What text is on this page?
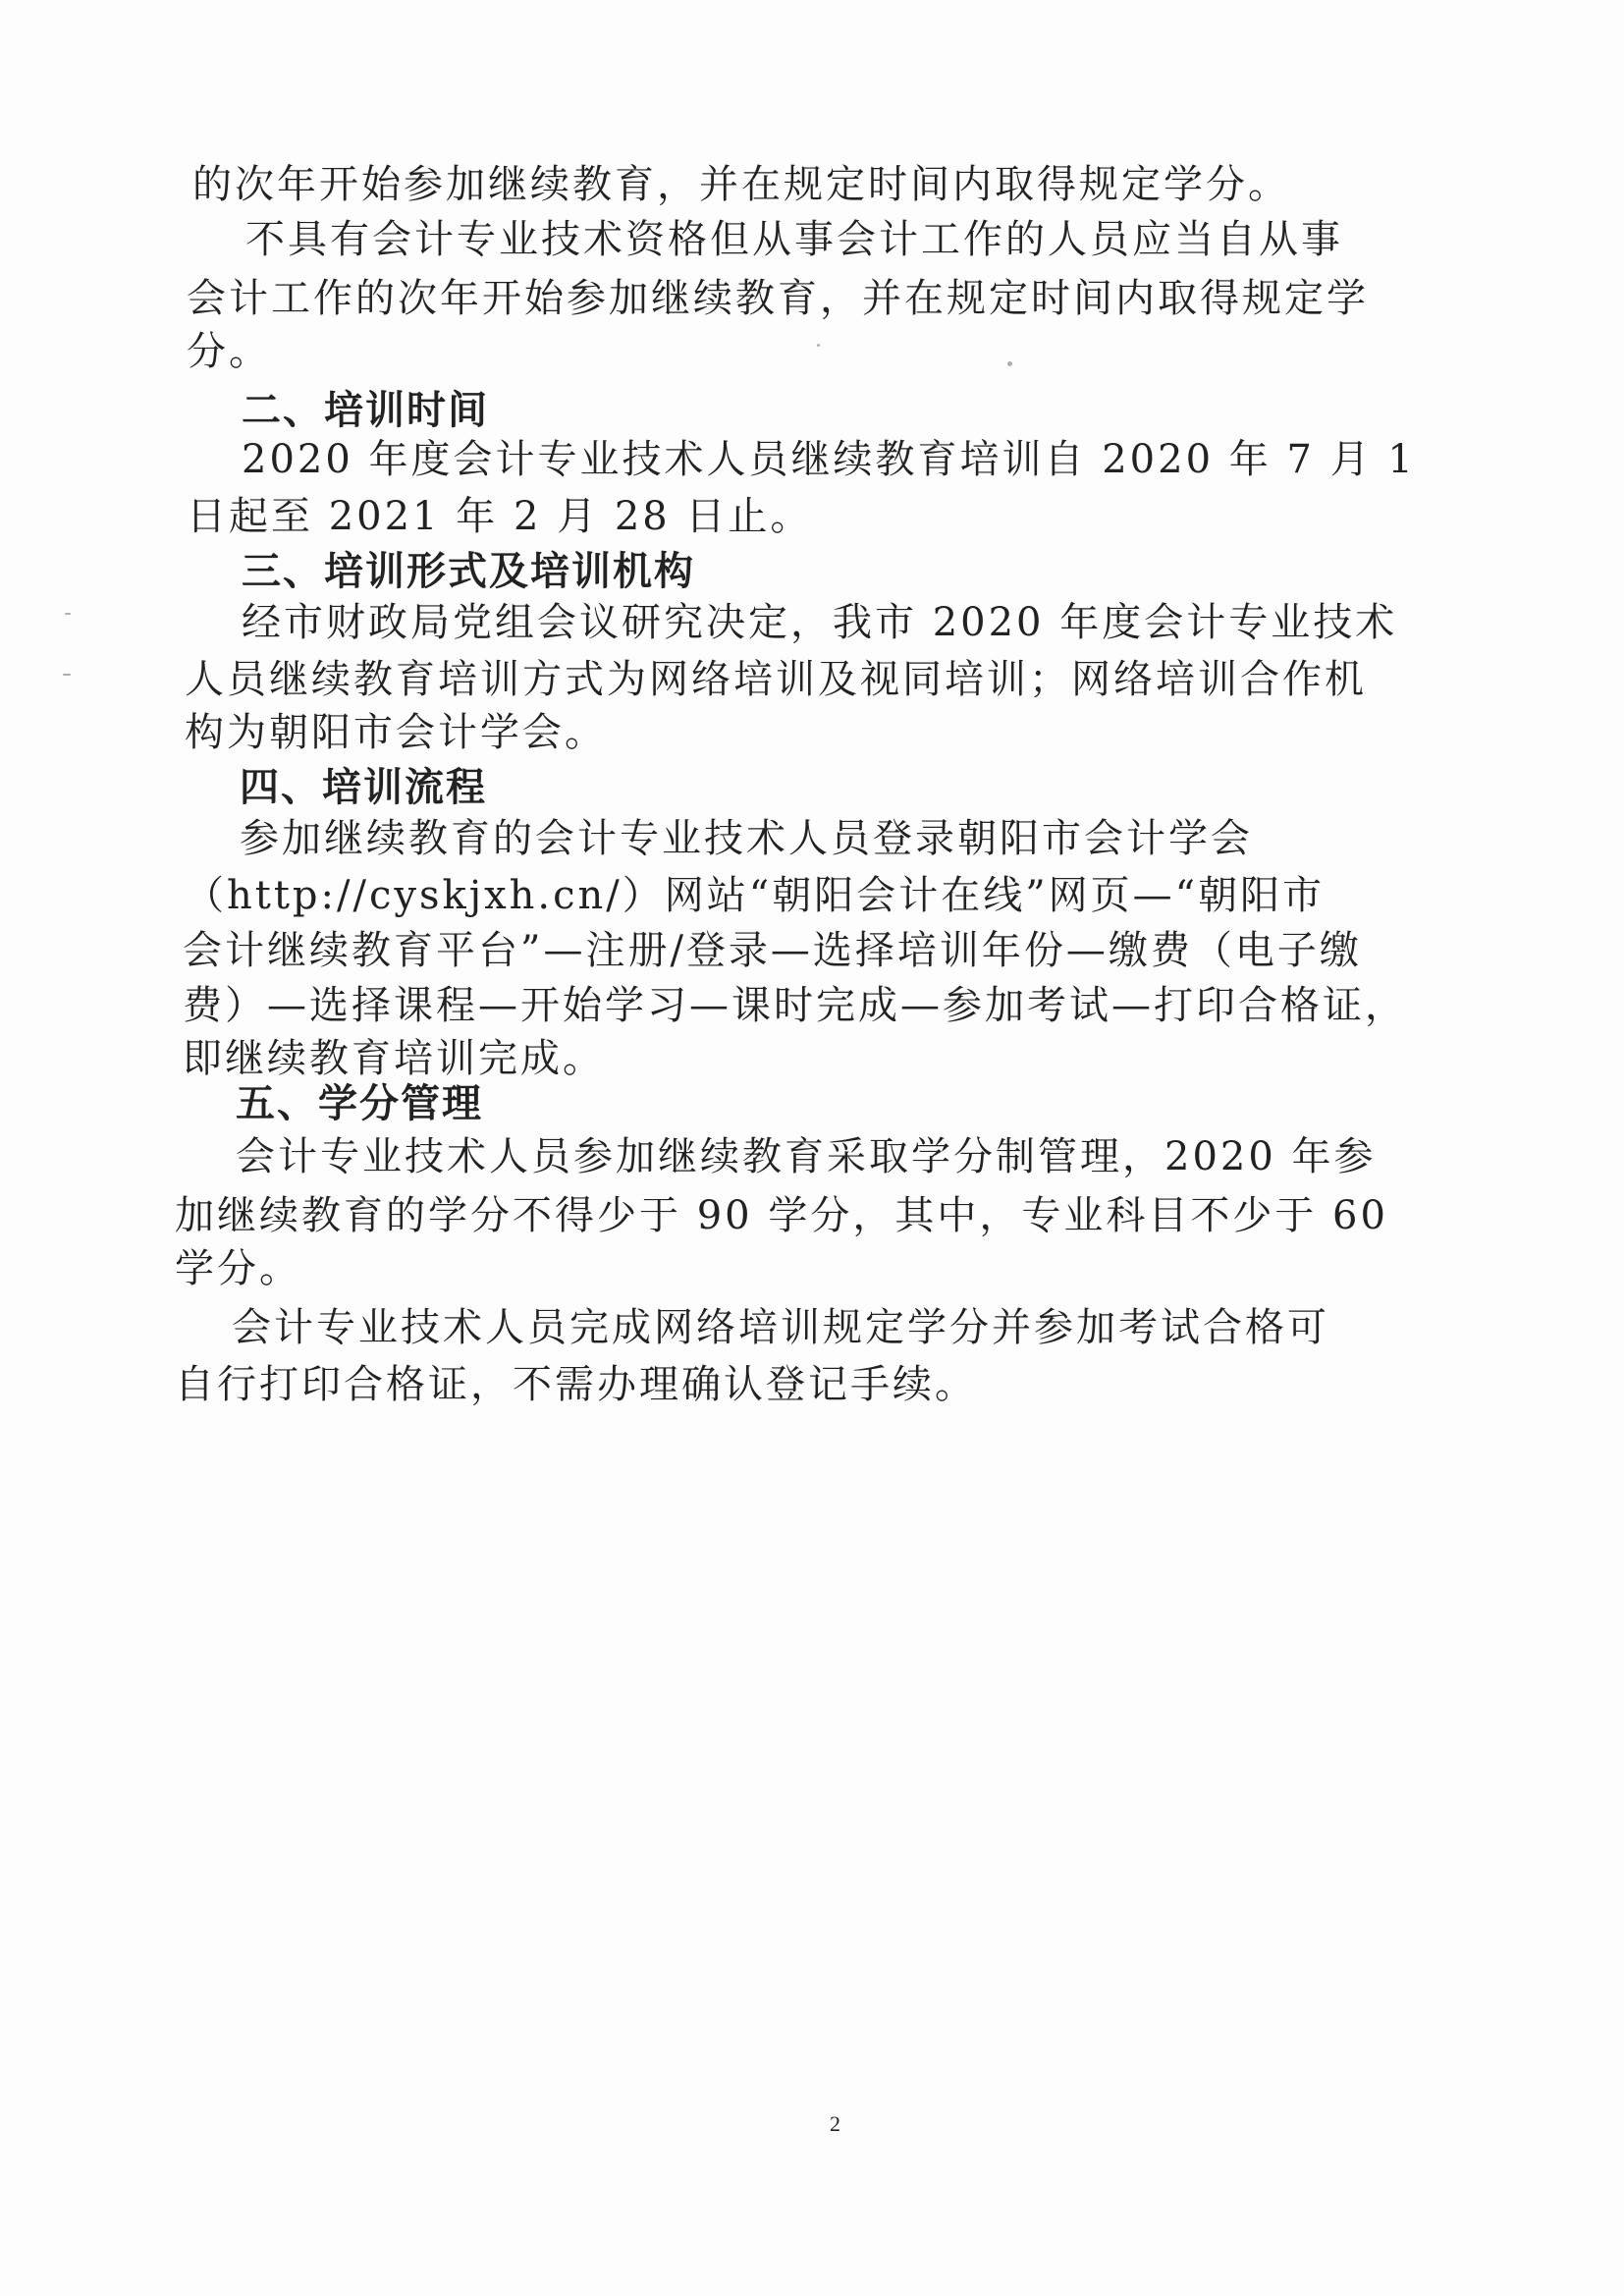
的次年开始参加继续教育，并在规定时间内取得规定学分。
不具有会计专业技术资格但从事会计工作的人员应当自从事
会计工作的次年开始参加继续教育，并在规定时间内取得规定学
分。
二、培训时间
2020 年度会计专业技术人员继续教育培训自 2020 年 7 月 1
日起至 2021 年 2 月 28 日止。
三、培训形式及培训机构
经市财政局党组会议研究决定，我市 2020 年度会计专业技术
人员继续教育培训方式为网络培训及视同培训；网络培训合作机
构为朝阳市会计学会。
四、培训流程
参加继续教育的会计专业技术人员登录朝阳市会计学会
（http://cyskjxh.cn/）网站“朝阳会计在线”网页—“朝阳市
会计继续教育平台”—注册/登录—选择培训年份—缴费（电子缴
费）—选择课程—开始学习—课时完成—参加考试—打印合格证，
即继续教育培训完成。
五、学分管理
会计专业技术人员参加继续教育采取学分制管理，2020 年参
加继续教育的学分不得少于 90 学分，其中，专业科目不少于 60
学分。
会计专业技术人员完成网络培训规定学分并参加考试合格可
自行打印合格证，不需办理确认登记手续。
2
